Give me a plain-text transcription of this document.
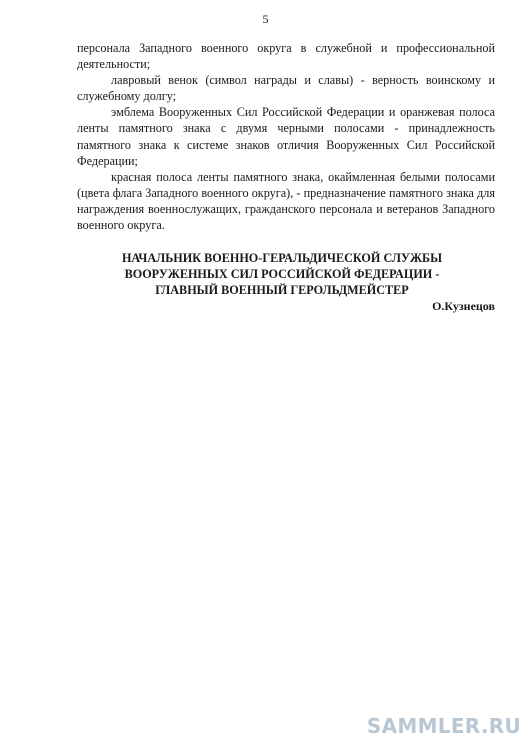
5

персонала Западного военного округа в служебной и профессиональной деятельности;

лавровый венок (символ награды и славы) - верность воинскому и служебному долгу;

эмблема Вооруженных Сил Российской Федерации и оранжевая полоса ленты памятного знака с двумя черными полосами - принадлежность памятного знака к системе знаков отличия Вооруженных Сил Российской Федерации;

красная полоса ленты памятного знака, окаймленная белыми полосами (цвета флага Западного военного округа), - предназначение памятного знака для награждения военнослужащих, гражданского персонала и ветеранов Западного военного округа.

НАЧАЛЬНИК ВОЕННО-ГЕРАЛЬДИЧЕСКОЙ СЛУЖБЫ
ВООРУЖЕННЫХ СИЛ РОССИЙСКОЙ ФЕДЕРАЦИИ -
ГЛАВНЫЙ ВОЕННЫЙ ГЕРОЛЬДМЕЙСТЕР
О.Кузнецов
SAMMLER.RU
